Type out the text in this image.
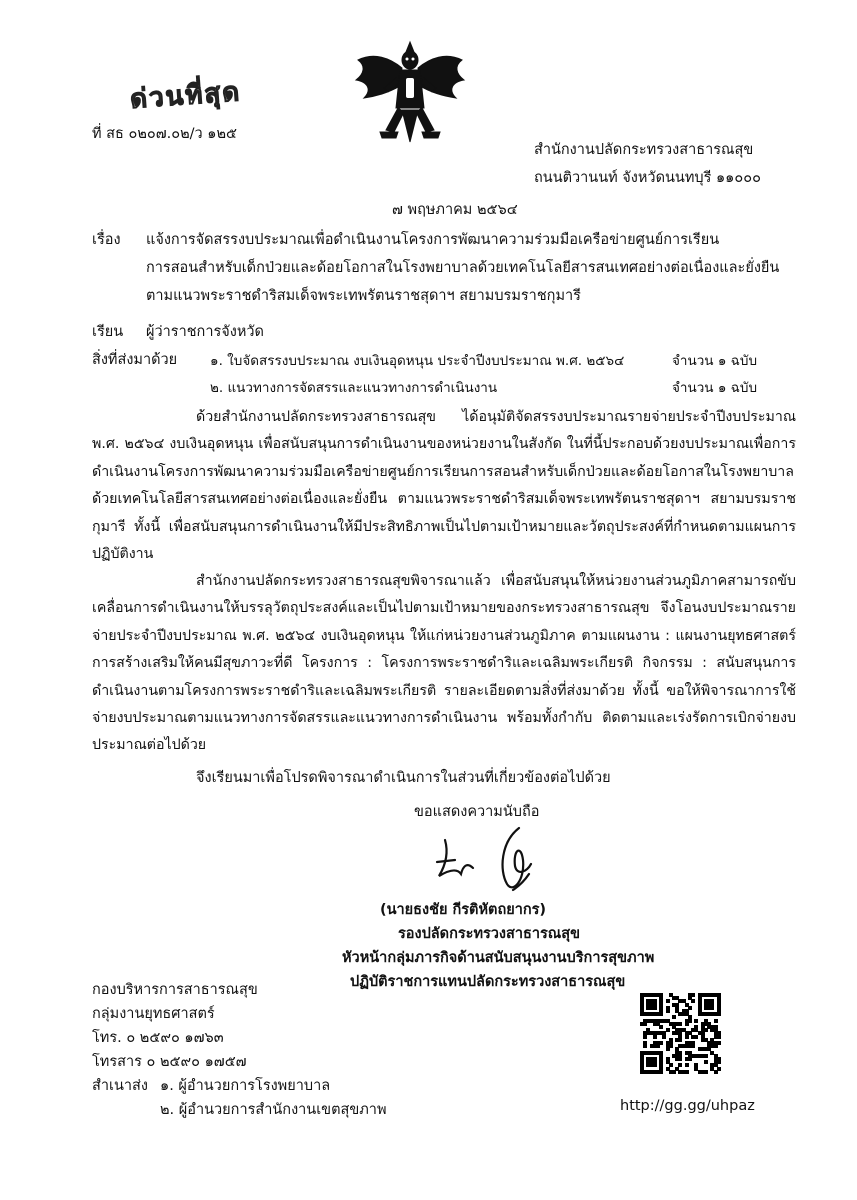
ด่วนที่สุด
ที่ สธ ๐๒๐๗.๐๒/ว ๑๒๕
สำนักงานปลัดกระทรวงสาธารณสุข
ถนนติวานนท์ จังหวัดนนทบุรี ๑๑๐๐๐
๗ พฤษภาคม ๒๕๖๔
เรื่อง แจ้งการจัดสรรงบประมาณเพื่อดำเนินงานโครงการพัฒนาความร่วมมือเครือข่ายศูนย์การเรียน
การสอนสำหรับเด็กป่วยและด้อยโอกาสในโรงพยาบาลด้วยเทคโนโลยีสารสนเทศอย่างต่อเนื่องและยั่งยืน
ตามแนวพระราชดำริสมเด็จพระเทพรัตนราชสุดาฯ สยามบรมราชกุมารี
เรียน ผู้ว่าราชการจังหวัด
สิ่งที่ส่งมาด้วย ๑. ใบจัดสรรงบประมาณ งบเงินอุดหนุน ประจำปีงบประมาณ พ.ศ. ๒๕๖๔	จำนวน ๑ ฉบับ
๒. แนวทางการจัดสรรและแนวทางการดำเนินงาน	จำนวน ๑ ฉบับ
ด้วยสำนักงานปลัดกระทรวงสาธารณสุข ได้อนุมัติจัดสรรงบประมาณรายจ่ายประจำปีงบประมาณ พ.ศ. ๒๕๖๔ งบเงินอุดหนุน เพื่อสนับสนุนการดำเนินงานของหน่วยงานในสังกัด ในที่นี้ประกอบด้วยงบประมาณเพื่อการดำเนินงานโครงการพัฒนาความร่วมมือเครือข่ายศูนย์การเรียนการสอนสำหรับเด็กป่วยและด้อยโอกาสในโรงพยาบาลด้วยเทคโนโลยีสารสนเทศอย่างต่อเนื่องและยั่งยืน ตามแนวพระราชดำริสมเด็จพระเทพรัตนราชสุดาฯ สยามบรมราชกุมารี ทั้งนี้ เพื่อสนับสนุนการดำเนินงานให้มีประสิทธิภาพเป็นไปตามเป้าหมายและวัตถุประสงค์ที่กำหนดตามแผนการปฏิบัติงาน
สำนักงานปลัดกระทรวงสาธารณสุขพิจารณาแล้ว เพื่อสนับสนุนให้หน่วยงานส่วนภูมิภาคสามารถขับเคลื่อนการดำเนินงานให้บรรลุวัตถุประสงค์และเป็นไปตามเป้าหมายของกระทรวงสาธารณสุข จึงโอนงบประมาณรายจ่ายประจำปีงบประมาณ พ.ศ. ๒๕๖๔ งบเงินอุดหนุน ให้แก่หน่วยงานส่วนภูมิภาค ตามแผนงาน : แผนงานยุทธศาสตร์การสร้างเสริมให้คนมีสุขภาวะที่ดี โครงการ : โครงการพระราชดำริและเฉลิมพระเกียรติ กิจกรรม : สนับสนุนการดำเนินงานตามโครงการพระราชดำริและเฉลิมพระเกียรติ รายละเอียดตามสิ่งที่ส่งมาด้วย ทั้งนี้ ขอให้พิจารณาการใช้จ่ายงบประมาณตามแนวทางการจัดสรรและแนวทางการดำเนินงาน พร้อมทั้งกำกับ ติดตามและเร่งรัดการเบิกจ่ายงบประมาณต่อไปด้วย
จึงเรียนมาเพื่อโปรดพิจารณาดำเนินการในส่วนที่เกี่ยวข้องต่อไปด้วย
ขอแสดงความนับถือ
(นายธงชัย กีรติหัตถยากร)
รองปลัดกระทรวงสาธารณสุข
หัวหน้ากลุ่มภารกิจด้านสนับสนุนงานบริการสุขภาพ
ปฏิบัติราชการแทนปลัดกระทรวงสาธารณสุข
กองบริหารการสาธารณสุข
กลุ่มงานยุทธศาสตร์
โทร. ๐ ๒๕๙๐ ๑๗๖๓
โทรสาร ๐ ๒๕๙๐ ๑๗๕๗
สำเนาส่ง ๑. ผู้อำนวยการโรงพยาบาล
๒. ผู้อำนวยการสำนักงานเขตสุขภาพ	http://gg.gg/uhpaz
